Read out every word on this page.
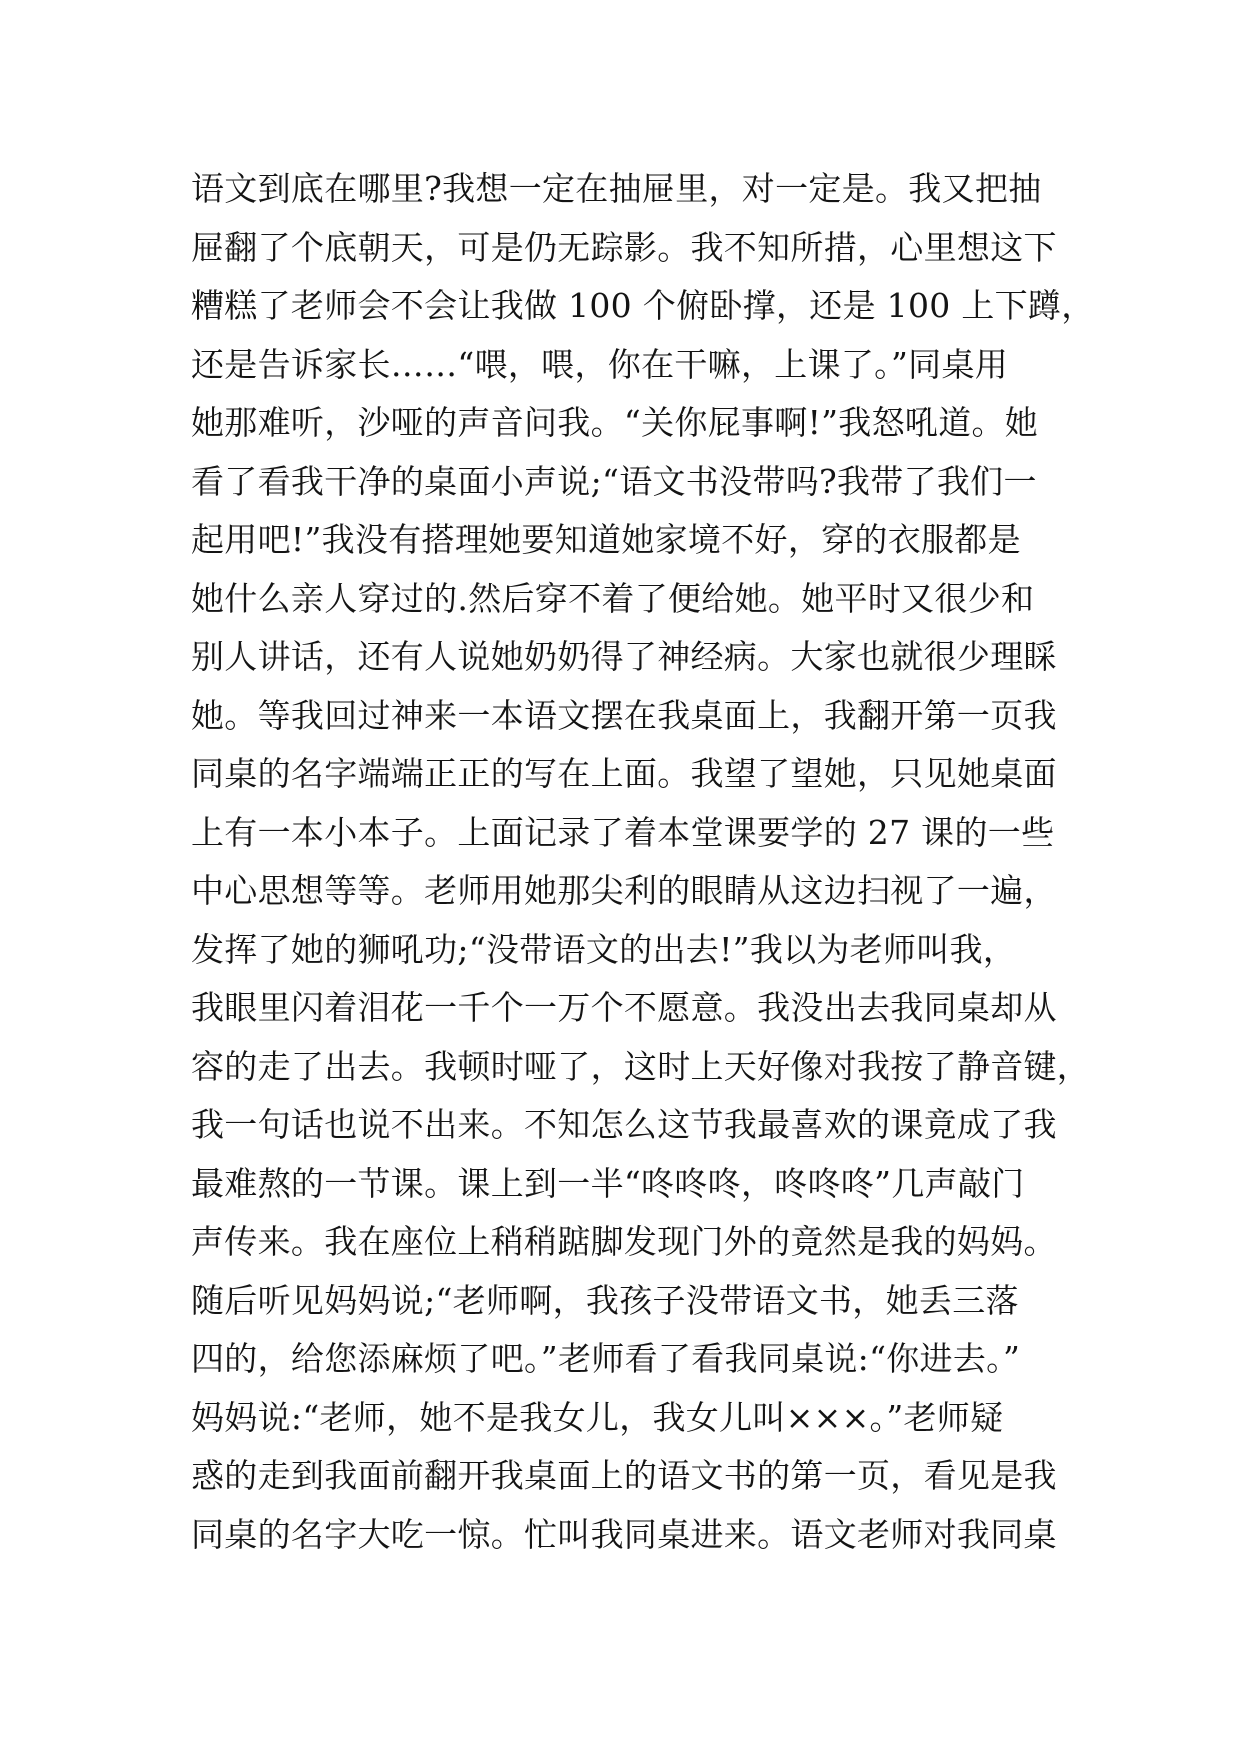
语文到底在哪里?我想一定在抽屉里，对一定是。我又把抽
屉翻了个底朝天，可是仍无踪影。我不知所措，心里想这下
糟糕了老师会不会让我做 100 个俯卧撑，还是 100 上下蹲，
还是告诉家长……“喂，喂，你在干嘛，上课了。”同桌用
她那难听，沙哑的声音问我。“关你屁事啊!”我怒吼道。她
看了看我干净的桌面小声说;“语文书没带吗?我带了我们一
起用吧!”我没有搭理她要知道她家境不好，穿的衣服都是
她什么亲人穿过的.然后穿不着了便给她。她平时又很少和
别人讲话，还有人说她奶奶得了神经病。大家也就很少理睬
她。等我回过神来一本语文摆在我桌面上，我翻开第一页我
同桌的名字端端正正的写在上面。我望了望她，只见她桌面
上有一本小本子。上面记录了着本堂课要学的 27 课的一些
中心思想等等。老师用她那尖利的眼睛从这边扫视了一遍，
发挥了她的狮吼功;“没带语文的出去!”我以为老师叫我，
我眼里闪着泪花一千个一万个不愿意。我没出去我同桌却从
容的走了出去。我顿时哑了，这时上天好像对我按了静音键，
我一句话也说不出来。不知怎么这节我最喜欢的课竟成了我
最难熬的一节课。课上到一半“咚咚咚，咚咚咚”几声敲门
声传来。我在座位上稍稍踮脚发现门外的竟然是我的妈妈。
随后听见妈妈说;“老师啊，我孩子没带语文书，她丢三落
四的，给您添麻烦了吧。”老师看了看我同桌说:“你进去。”
妈妈说:“老师，她不是我女儿，我女儿叫×××。”老师疑
惑的走到我面前翻开我桌面上的语文书的第一页，看见是我
同桌的名字大吃一惊。忙叫我同桌进来。语文老师对我同桌
